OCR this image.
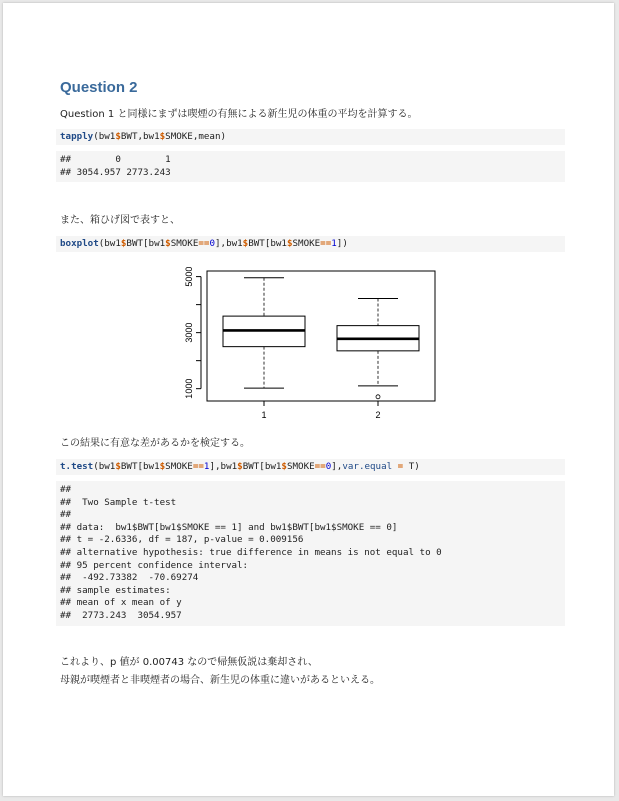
Question 2
Question 1 と同様にまずは喫煙の有無による新生児の体重の平均を計算する。
tapply(bw1$BWT,bw1$SMOKE,mean)
##        0        1
## 3054.957 2773.243
また、箱ひげ図で表すと、
boxplot(bw1$BWT[bw1$SMOKE==0],bw1$BWT[bw1$SMOKE==1])
1	2
1000
3000
5000
この結果に有意な差があるかを検定する。
t.test(bw1$BWT[bw1$SMOKE==1],bw1$BWT[bw1$SMOKE==0],var.equal = T)
##
##  Two Sample t-test
##
## data:  bw1$BWT[bw1$SMOKE == 1] and bw1$BWT[bw1$SMOKE == 0]
## t = -2.6336, df = 187, p-value = 0.009156
## alternative hypothesis: true difference in means is not equal to 0
## 95 percent confidence interval:
##  -492.73382  -70.69274
## sample estimates:
## mean of x mean of y
##  2773.243  3054.957
これより、p 値が 0.00743 なので帰無仮説は棄却され、
母親が喫煙者と非喫煙者の場合、新生児の体重に違いがあるといえる。
